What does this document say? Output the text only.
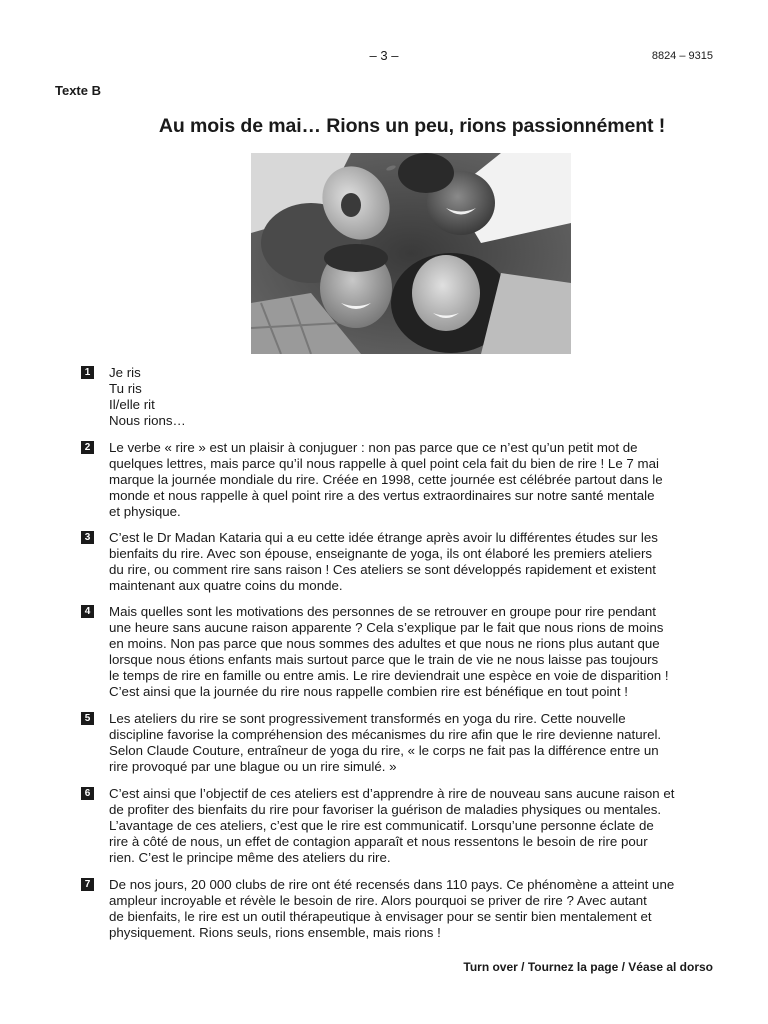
– 3 –	8824 – 9315
Texte B
Au mois de mai… Rions un peu, rions passionnément !
1 Je ris
Tu ris
Il/elle rit
Nous rions…
2 Le verbe « rire » est un plaisir à conjuguer : non pas parce que ce n’est qu’un petit mot de
quelques lettres, mais parce qu’il nous rappelle à quel point cela fait du bien de rire ! Le 7 mai
marque la journée mondiale du rire. Créée en 1998, cette journée est célébrée partout dans le
monde et nous rappelle à quel point rire a des vertus extraordinaires sur notre santé mentale
et physique.
3 C’est le Dr Madan Kataria qui a eu cette idée étrange après avoir lu différentes études sur les
bienfaits du rire. Avec son épouse, enseignante de yoga, ils ont élaboré les premiers ateliers
du rire, ou comment rire sans raison ! Ces ateliers se sont développés rapidement et existent
maintenant aux quatre coins du monde.
4 Mais quelles sont les motivations des personnes de se retrouver en groupe pour rire pendant
une heure sans aucune raison apparente ? Cela s’explique par le fait que nous rions de moins
en moins. Non pas parce que nous sommes des adultes et que nous ne rions plus autant que
lorsque nous étions enfants mais surtout parce que le train de vie ne nous laisse pas toujours
le temps de rire en famille ou entre amis. Le rire deviendrait une espèce en voie de disparition !
C’est ainsi que la journée du rire nous rappelle combien rire est bénéfique en tout point !
5 Les ateliers du rire se sont progressivement transformés en yoga du rire. Cette nouvelle
discipline favorise la compréhension des mécanismes du rire afin que le rire devienne naturel.
Selon Claude Couture, entraîneur de yoga du rire, « le corps ne fait pas la différence entre un
rire provoqué par une blague ou un rire simulé. »
6 C’est ainsi que l’objectif de ces ateliers est d’apprendre à rire de nouveau sans aucune raison et
de profiter des bienfaits du rire pour favoriser la guérison de maladies physiques ou mentales.
L’avantage de ces ateliers, c’est que le rire est communicatif. Lorsqu’une personne éclate de
rire à côté de nous, un effet de contagion apparaît et nous ressentons le besoin de rire pour
rien. C’est le principe même des ateliers du rire.
7 De nos jours, 20 000 clubs de rire ont été recensés dans 110 pays. Ce phénomène a atteint une
ampleur incroyable et révèle le besoin de rire. Alors pourquoi se priver de rire ? Avec autant
de bienfaits, le rire est un outil thérapeutique à envisager pour se sentir bien mentalement et
physiquement. Rions seuls, rions ensemble, mais rions !
Turn over / Tournez la page / Véase al dorso
